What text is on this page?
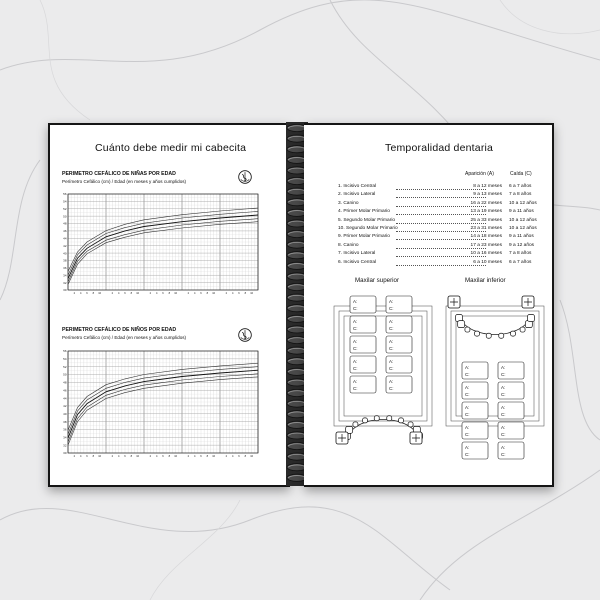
Cuánto debe medir mi cabecita
PERIMETRO CEFÁLICO DE NIÑAS POR EDAD
Perímetro Cefálico (cm) / Edad (en meses y años cumplidos)
30
32
34
36
38
40
42
44
46
48
50
52
54
56
2 4 6 8 10	2 4 6 8 10	2 4 6 8 10	2 4 6 8 10	2 4 6 8 10
PERIMETRO CEFÁLICO DE NIÑOS POR EDAD
Perímetro Cefálico (cm) / Edad (en meses y años cumplidos)
30
32
34
36
38
40
42
44
46
48
50
52
54
56
2 4 6 8 10	2 4 6 8 10	2 4 6 8 10	2 4 6 8 10	2 4 6 8 10
Temporalidad dentaria
Aparición (A)	Caída (C)
1. Incisivo Central	8 a 12 meses 6 a 7 años
2. Incisivo Lateral	9 a 13 meses 7 a 8 años
3. Canino	16 a 22 meses 10 a 12 años
4. Primer Molar Primario	13 a 19 meses 9 a 11 años
5. Segundo Molar Primario	25 a 33 meses 10 a 12 años
10. Segundo Molar Primario	23 a 31 meses 10 a 12 años
9. Primer Molar Primario	14 a 18 meses 9 a 11 años
8. Canino	17 a 23 meses 9 a 12 años
7. Incisivo Lateral	10 a 16 meses 7 a 8 años
6. Incisivo Central	6 a 10 meses 6 a 7 años
Maxilar superior	Maxilar inferior
A:
C:
A:
C:
A:
C:
A:
C:
A:
C:
A:
C:
A:
C:
A:
C:
A:
C:
A:
C:
A:
C:
A:
C:
A:
C:
A:
C:
A:
C:
A:
C:
A:
C:
A:
C:
A:
C:
A:
C:
